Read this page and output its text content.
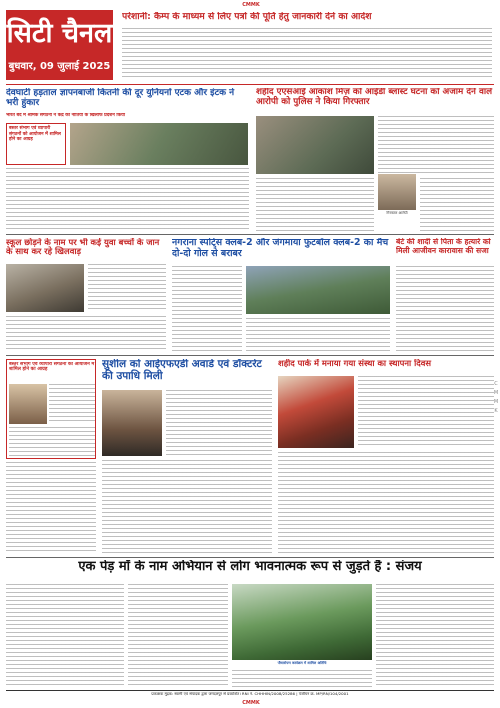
CMMK
सिटी चैनल
बुधवार, 09 जुलाई 2025
परेशानी: कैम्प के माध्यम से लिए पत्रों की पूर्ति हेतु जानकारी देने का आदेश
देवघाटी हड़ताल ज्ञापनबाजी कितनी की दूर युनियनों एटक और इंटक ने भरी हुंकार
भारत बंद में श्रमिक संगठनों ने केंद्र की नीतियों के खिलाफ प्रदर्शन किया
बस्तर संभाग एवं व्यापारी संगठनों को आयोजन में शामिल होने का आग्रह
शहीद एएसआई आकाश मिंज़ को आईडी ब्लास्ट घटना को अंजाम देने वाले आरोपी को पुलिस ने किया गिरफ्तार
गिरफ्तार आरोपी
स्कूल छोड़ने के नाम पर भी कई युवा बच्चों के जान के साथ कर रहे खिलवाड़
नगराना स्पोर्ट्स क्लब-2 और जंगमाया फुटबॉल क्लब-2 का मैच दो-दो गोल से बराबर
बेटे की शादी से पिता के हत्यारे को मिली आजीवन कारावास की सजा
बस्तर संभाग एवं व्यापारी संगठनों को आयोजन में शामिल होने का आग्रह	सुशील को आईएफएडी अवार्ड एवं डॉक्टरेट की उपाधि मिली
शहीद पार्क में मनाया गया संस्था का स्थापना दिवस
एक पेड़ माँ के नाम अभियान से लोग भावनात्मक रूप से जुड़ते हैं : संजय
पौधारोपण कार्यक्रम में शामिल अतिथि
प्रकाशक मुद्रक: स्वामी एवं संपादक द्वारा जगदलपुर से प्रकाशित। RNI नं. CHHHIN/2008/25286 | पंजीयन क्र. MP/RN/104/2001
CMMK
C
M
M
K
